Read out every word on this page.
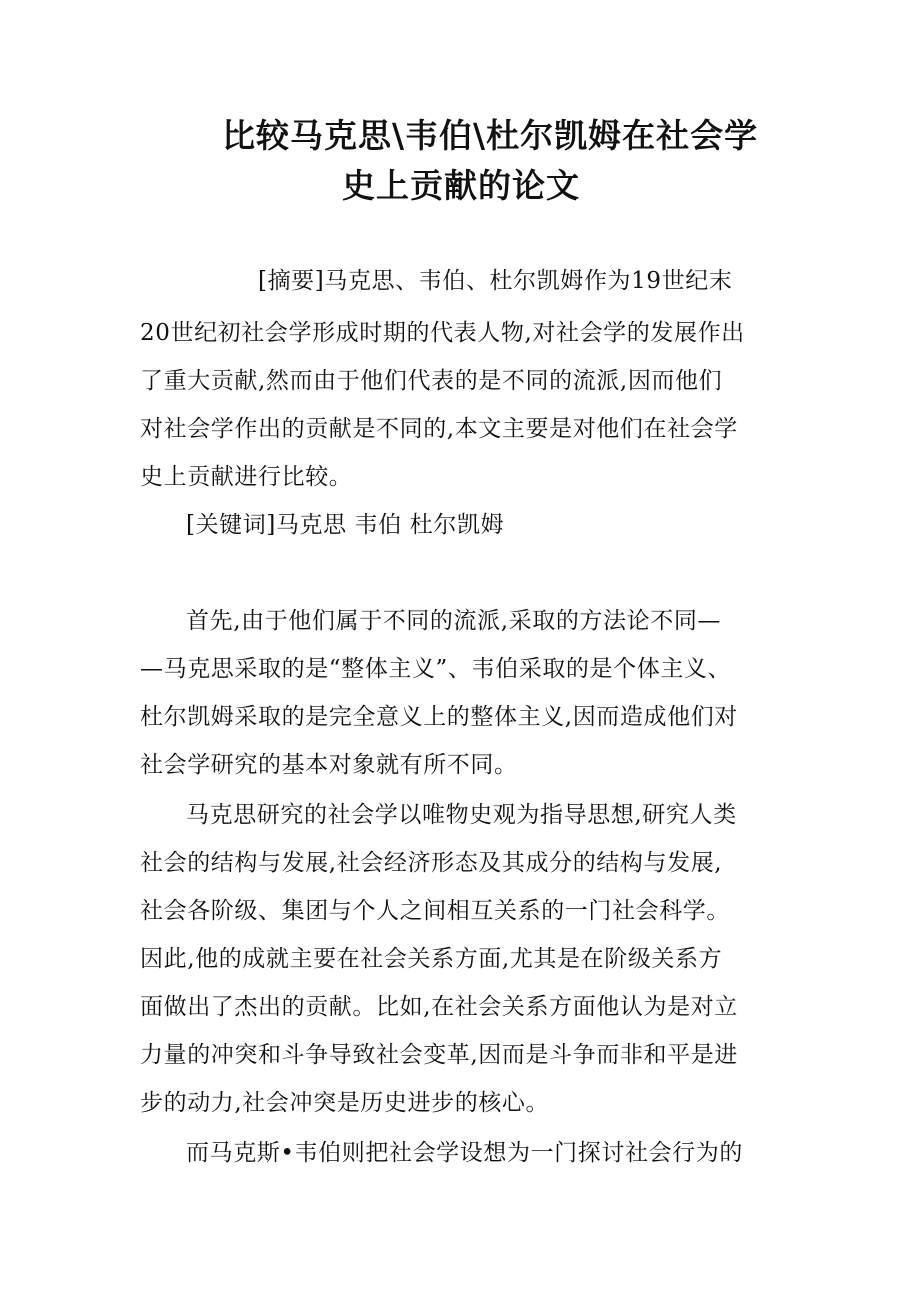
比较马克思\韦伯\杜尔凯姆在社会学
史上贡献的论文
[摘要]马克思、韦伯、杜尔凯姆作为19世纪末
20世纪初社会学形成时期的代表人物,对社会学的发展作出
了重大贡献,然而由于他们代表的是不同的流派,因而他们
对社会学作出的贡献是不同的,本文主要是对他们在社会学
史上贡献进行比较。
[关键词]马克思 韦伯 杜尔凯姆
首先,由于他们属于不同的流派,采取的方法论不同—
—马克思采取的是“整体主义”、韦伯采取的是个体主义、
杜尔凯姆采取的是完全意义上的整体主义,因而造成他们对
社会学研究的基本对象就有所不同。
马克思研究的社会学以唯物史观为指导思想,研究人类
社会的结构与发展,社会经济形态及其成分的结构与发展,
社会各阶级、集团与个人之间相互关系的一门社会科学。
因此,他的成就主要在社会关系方面,尤其是在阶级关系方
面做出了杰出的贡献。比如,在社会关系方面他认为是对立
力量的冲突和斗争导致社会变革,因而是斗争而非和平是进
步的动力,社会冲突是历史进步的核心。
而马克斯•韦伯则把社会学设想为一门探讨社会行为的
